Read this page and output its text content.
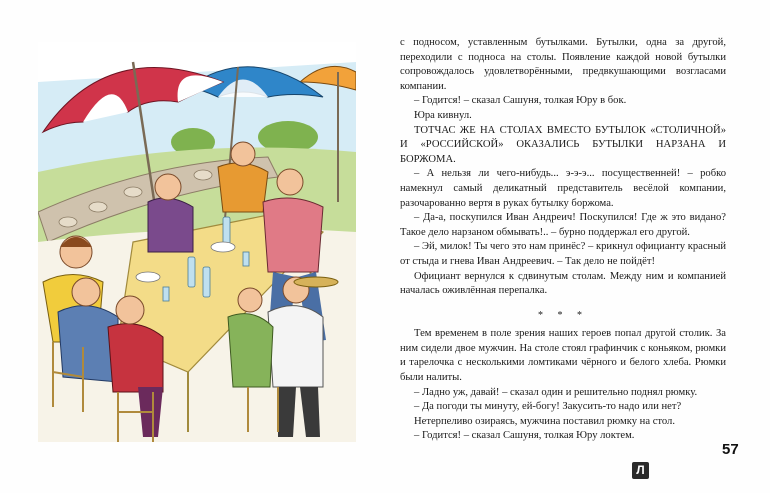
с подносом, уставленным бутылками. Бутылки, одна за другой, переходили с подноса на столы. Появление каждой новой бутылки сопровождалось удовлетворёнными, предвкушающими возгласами компании.

– Годится! – сказал Сашуня, толкая Юру в бок.

Юра кивнул.

ТОТЧАС ЖЕ НА СТОЛАХ ВМЕСТО БУТЫЛОК «СТОЛИЧНОЙ» И «РОССИЙСКОЙ» ОКАЗАЛИСЬ БУТЫЛКИ НАРЗАНА И БОРЖОМА.

– А нельзя ли чего-нибудь... э-э-э... посущественней! – робко намекнул самый деликатный представитель весёлой компании, разочарованно вертя в руках бутылку боржома.

– Да-а, поскупился Иван Андреич! Поскупился! Где ж это видано? Такое дело нарзаном обмывать!.. – бурно поддержал его другой.

– Эй, милок! Ты чего это нам принёс? – крикнул официанту красный от стыда и гнева Иван Андреевич. – Так дело не пойдёт!

Официант вернулся к сдвинутым столам. Между ним и компанией началась оживлённая перепалка.

* * *

Тем временем в поле зрения наших героев попал другой столик. За ним сидели двое мужчин. На столе стоял графинчик с коньяком, рюмки и тарелочка с несколькими ломтиками чёрного и белого хлеба. Рюмки были налиты.

– Ладно уж, давай! – сказал один и решительно поднял рюмку.

– Да погоди ты минуту, ей-богу! Закусить-то надо или нет?

Нетерпеливо озираясь, мужчина поставил рюмку на стол.

– Годится! – сказал Сашуня, толкая Юру локтем.

57
Л
